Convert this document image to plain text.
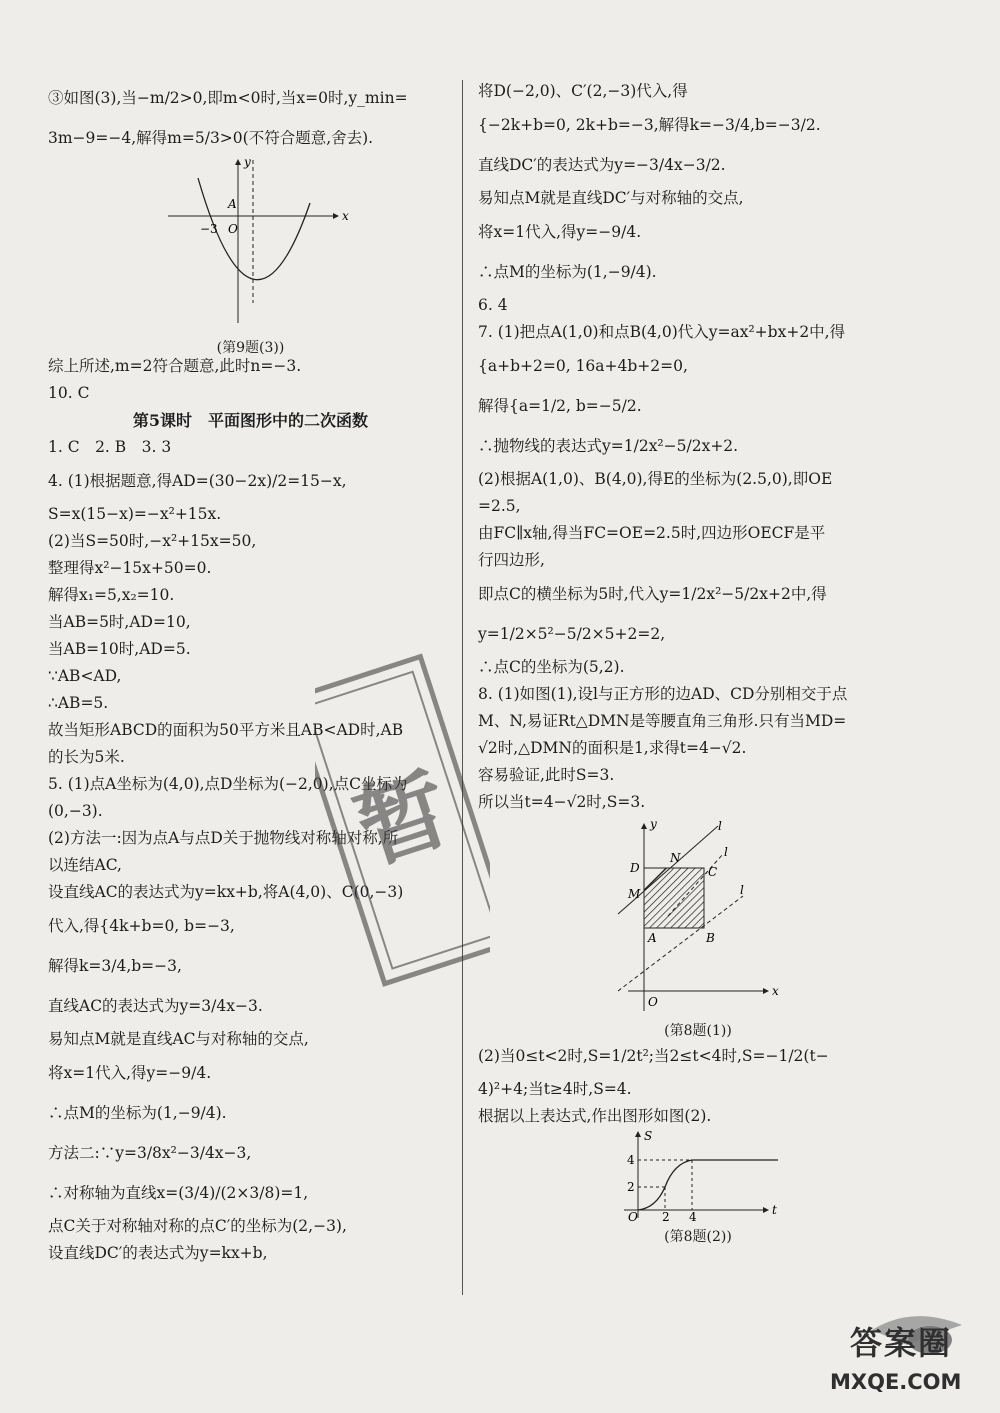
③如图(3),当−m/2>0,即m<0时,当x=0时,y_min=
3m−9=−4,解得m=5/3>0(不符合题意,舍去).
x
y
A
O
−3
(第9题(3))
综上所述,m=2符合题意,此时n=−3.
10. C
第5课时　平面图形中的二次函数
1. C　2. B　3. 3
4. (1)根据题意,得AD=(30−2x)/2=15−x,
S=x(15−x)=−x²+15x.
(2)当S=50时,−x²+15x=50,
整理得x²−15x+50=0.
解得x₁=5,x₂=10.
当AB=5时,AD=10,
当AB=10时,AD=5.
∵AB<AD,
∴AB=5.
故当矩形ABCD的面积为50平方米且AB<AD时,AB
的长为5米.
5. (1)点A坐标为(4,0),点D坐标为(−2,0),点C坐标为
(0,−3).
(2)方法一:因为点A与点D关于抛物线对称轴对称,所
以连结AC,
设直线AC的表达式为y=kx+b,将A(4,0)、C(0,−3)
代入,得{4k+b=0, b=−3,
解得k=3/4,b=−3,
直线AC的表达式为y=3/4x−3.
易知点M就是直线AC与对称轴的交点,
将x=1代入,得y=−9/4.
∴点M的坐标为(1,−9/4).
方法二:∵y=3/8x²−3/4x−3,
∴对称轴为直线x=(3/4)/(2×3/8)=1,
点C关于对称轴对称的点C′的坐标为(2,−3),
设直线DC′的表达式为y=kx+b,
将D(−2,0)、C′(2,−3)代入,得
{−2k+b=0, 2k+b=−3,解得k=−3/4,b=−3/2.
直线DC′的表达式为y=−3/4x−3/2.
易知点M就是直线DC′与对称轴的交点,
将x=1代入,得y=−9/4.
∴点M的坐标为(1,−9/4).
6. 4
7. (1)把点A(1,0)和点B(4,0)代入y=ax²+bx+2中,得
{a+b+2=0, 16a+4b+2=0,
解得{a=1/2, b=−5/2.
∴抛物线的表达式y=1/2x²−5/2x+2.
(2)根据A(1,0)、B(4,0),得E的坐标为(2.5,0),即OE
=2.5,
由FC∥x轴,得当FC=OE=2.5时,四边形OECF是平
行四边形,
即点C的横坐标为5时,代入y=1/2x²−5/2x+2中,得
y=1/2×5²−5/2×5+2=2,
∴点C的坐标为(5,2).
8. (1)如图(1),设l与正方形的边AD、CD分别相交于点
M、N,易证Rt△DMN是等腰直角三角形.只有当MD=
√2时,△DMN的面积是1,求得t=4−√2.
容易验证,此时S=3.
所以当t=4−√2时,S=3.
O
x
y
A	B
C
D
M
N
l
l
l
(第8题(1))
(2)当0≤t<2时,S=1/2t²;当2≤t<4时,S=−1/2(t−
4)²+4;当t≥4时,S=4.
根据以上表达式,作出图形如图(2).
S
t
O
4
2
2 4
(第8题(2))
暂
答案圈
MXQE.COM
